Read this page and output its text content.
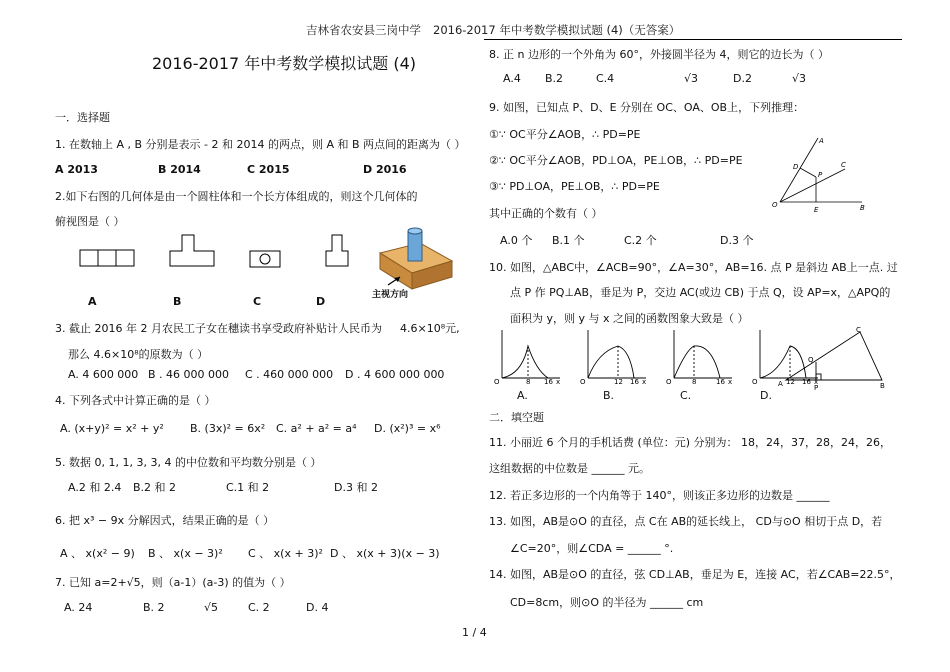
吉林省农安县三岗中学 2016-2017 年中考数学模拟试题 (4)（无答案）
2016-2017 年中考数学模拟试题 (4)
一．选择题
1. 在数轴上 A , B 分别是表示 - 2 和 2014 的两点，则 A 和 B 两点间的距离为（ ）
A 2013	B 2014	C 2015	D 2016
2.如下右图的几何体是由一个圆柱体和一个长方体组成的，则这个几何体的
俯视图是（ ）
主视方向
A	B	C	D
3. 截止 2016 年 2 月农民工子女在穗读书享受政府补贴计人民币为 4.6×10⁸元,
那么 4.6×10⁸的原数为（ ）
A. 4 600 000 B . 46 000 000 C . 460 000 000 D . 4 600 000 000
4. 下列各式中计算正确的是（ ）
A. (x+y)² = x² + y² B. (3x)² = 6x² C. a² + a² = a⁴ D. (x²)³ = x⁶
5. 数据 0, 1, 1, 3, 3, 4 的中位数和平均数分别是（ ）
A.2 和 2.4 B.2 和 2	C.1 和 2	D.3 和 2
6. 把 x³ − 9x 分解因式，结果正确的是（ ）
A 、 x(x² − 9) B 、 x(x − 3)² C 、 x(x + 3)² D 、 x(x + 3)(x − 3)
7. 已知 a=2+√5，则（a-1）(a-3) 的值为（ ）
A. 24	B. 2	√5	C. 2	D. 4
8. 正 n 边形的一个外角为 60°，外接圆半径为 4，则它的边长为（ ）
A.4 B.2	C.4	√3	D.2	√3
9. 如图，已知点 P、D、E 分别在 OC、OA、OB上，下列推理：
①∵ OC平分∠AOB，∴ PD=PE
②∵ OC平分∠AOB，PD⊥OA，PE⊥OB，∴ PD=PE
③∵ PD⊥OA，PE⊥OB，∴ PD=PE
其中正确的个数有（ ）
A.0 个 B.1 个	C.2 个	D.3 个
A
C
P
D
O
E	B
10. 如图，△ABC中，∠ACB=90°，∠A=30°，AB=16. 点 P 是斜边 AB上一点. 过
点 P 作 PQ⊥AB，垂足为 P，交边 AC(或边 CB) 于点 Q，设 AP=x，△APQ的
面积为 y，则 y 与 x 之间的函数图象大致是（ ）
O	8 16 x	O	12 16 x	O	8	16 x	O	12 16 x
A
Q
C
P	B
A.	B.	C.	D.
二．填空题
11. 小丽近 6 个月的手机话费 (单位：元) 分别为： 18，24，37，28，24，26，
这组数据的中位数是 ______ 元。
12. 若正多边形的一个内角等于 140°，则该正多边形的边数是 ______
13. 如图，AB是⊙O 的直径，点 C在 AB的延长线上， CD与⊙O 相切于点 D，若
∠C=20°，则∠CDA = ______ °.
14. 如图，AB是⊙O 的直径，弦 CD⊥AB，垂足为 E，连接 AC，若∠CAB=22.5°，
CD=8cm，则⊙O 的半径为 ______ cm
1 / 4
